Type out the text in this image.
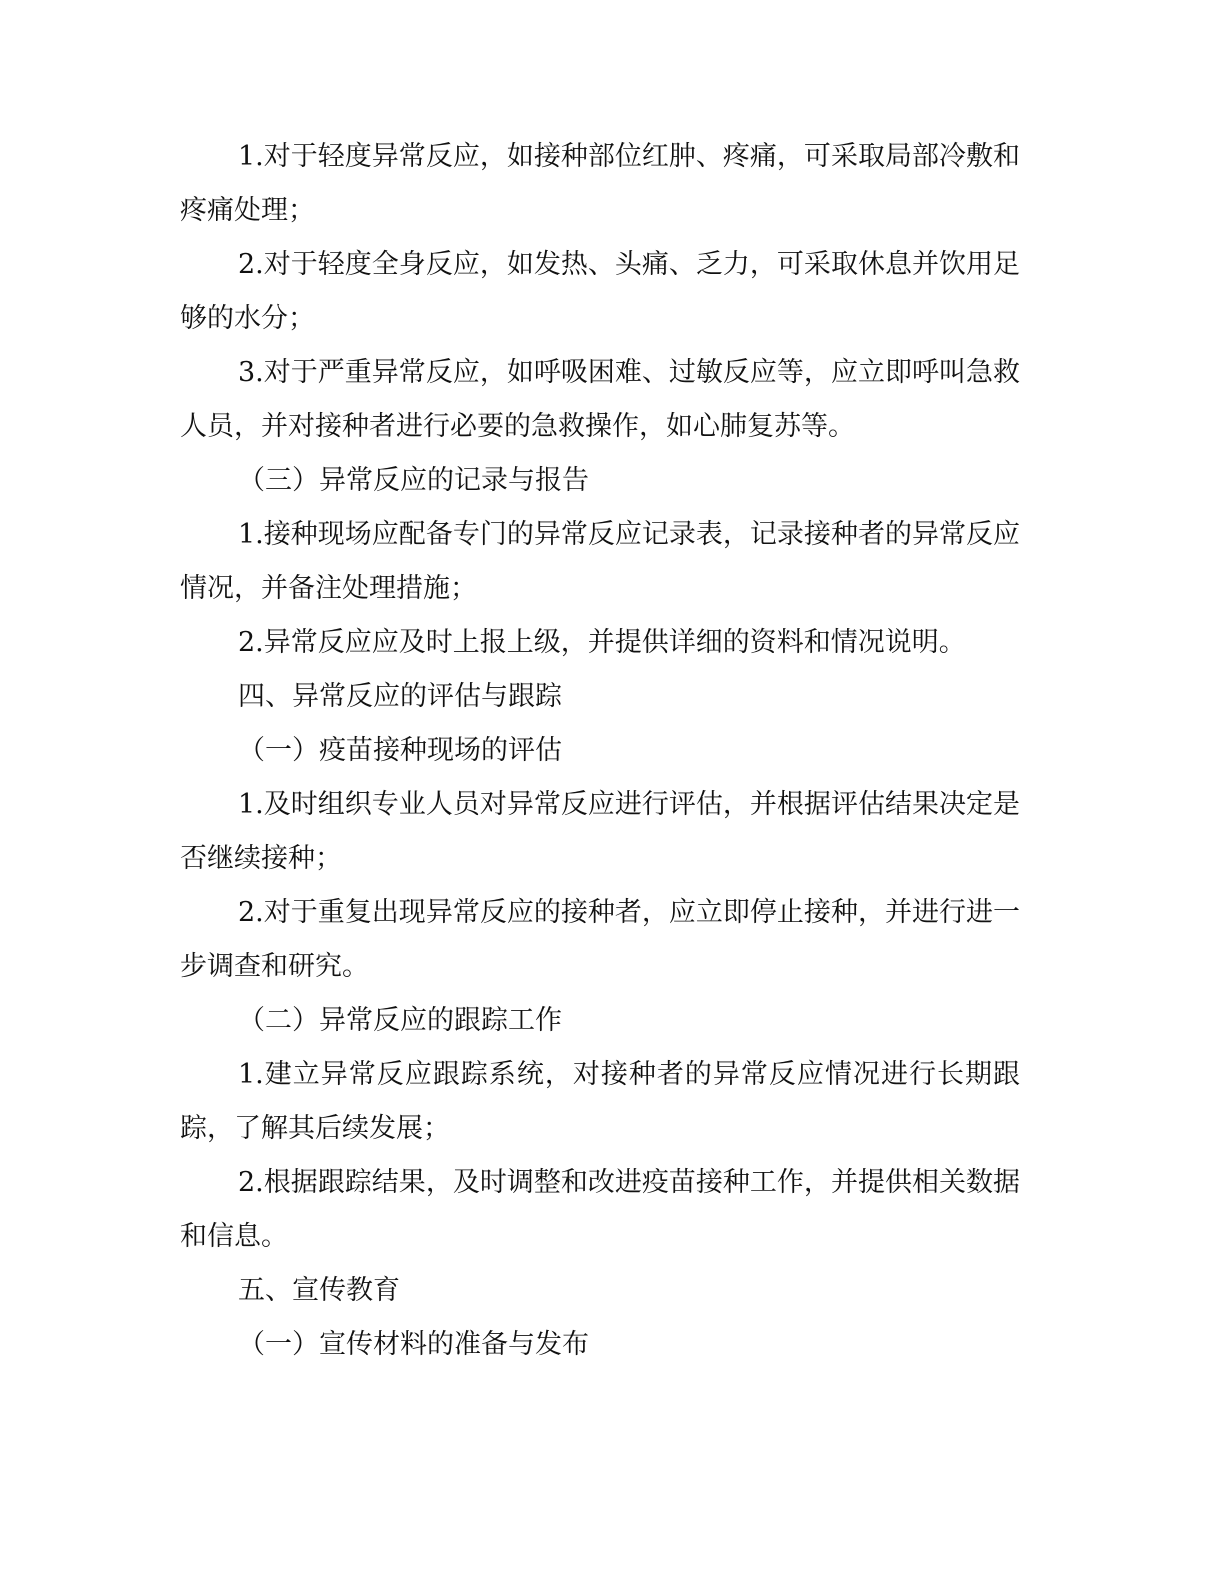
1.对于轻度异常反应，如接种部位红肿、疼痛，可采取局部冷敷和疼痛处理；

2.对于轻度全身反应，如发热、头痛、乏力，可采取休息并饮用足够的水分；

3.对于严重异常反应，如呼吸困难、过敏反应等，应立即呼叫急救人员，并对接种者进行必要的急救操作，如心肺复苏等。

（三）异常反应的记录与报告

1.接种现场应配备专门的异常反应记录表，记录接种者的异常反应情况，并备注处理措施；

2.异常反应应及时上报上级，并提供详细的资料和情况说明。

四、异常反应的评估与跟踪

（一）疫苗接种现场的评估

1.及时组织专业人员对异常反应进行评估，并根据评估结果决定是否继续接种；

2.对于重复出现异常反应的接种者，应立即停止接种，并进行进一步调查和研究。

（二）异常反应的跟踪工作

1.建立异常反应跟踪系统，对接种者的异常反应情况进行长期跟踪，了解其后续发展；

2.根据跟踪结果，及时调整和改进疫苗接种工作，并提供相关数据和信息。

五、宣传教育

（一）宣传材料的准备与发布
